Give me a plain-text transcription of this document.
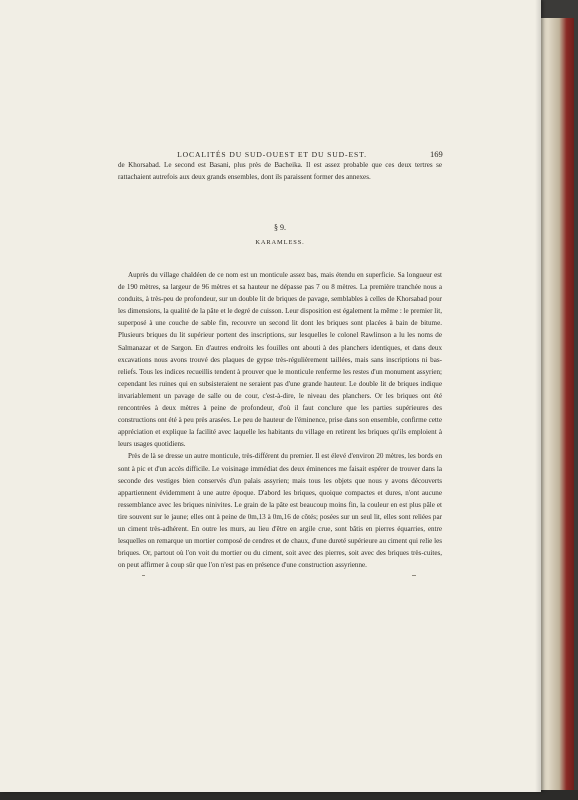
LOCALITÉS DU SUD-OUEST ET DU SUD-EST.	169

de Khorsabad. Le second est Basani, plus près de Bacheika. Il est assez probable que ces deux tertres se rattachaient autrefois aux deux grands ensembles, dont ils paraissent former des annexes.

§ 9.
KARAMLESS.

Auprès du village chaldéen de ce nom est un monticule assez bas, mais étendu en superficie. Sa longueur est de 190 mètres, sa largeur de 96 mètres et sa hauteur ne dépasse pas 7 ou 8 mètres. La première tranchée nous a conduits, à très-peu de profondeur, sur un double lit de briques de pavage, semblables à celles de Khorsabad pour les dimensions, la qualité de la pâte et le degré de cuisson. Leur disposition est également la même : le premier lit, superposé à une couche de sable fin, recouvre un second lit dont les briques sont placées à bain de bitume. Plusieurs briques du lit supérieur portent des inscriptions, sur lesquelles le colonel Rawlinson a lu les noms de Salmanazar et de Sargon. En d'autres endroits les fouilles ont abouti à des planchers identiques, et dans deux excavations nous avons trouvé des plaques de gypse très-régulièrement taillées, mais sans inscriptions ni bas-reliefs. Tous les indices recueillis tendent à prouver que le monticule renferme les restes d'un monument assyrien; cependant les ruines qui en subsisteraient ne seraient pas d'une grande hauteur. Le double lit de briques indique invariablement un pavage de salle ou de cour, c'est-à-dire, le niveau des planchers. Or les briques ont été rencontrées à deux mètres à peine de profondeur, d'où il faut conclure que les parties supérieures des constructions ont été à peu près arasées. Le peu de hauteur de l'éminence, prise dans son ensemble, confirme cette appréciation et explique la facilité avec laquelle les habitants du village en retirent les briques qu'ils emploient à leurs usages quotidiens.

Près de là se dresse un autre monticule, très-différent du premier. Il est élevé d'environ 20 mètres, les bords en sont à pic et d'un accès difficile. Le voisinage immédiat des deux éminences me faisait espérer de trouver dans la seconde des vestiges bien conservés d'un palais assyrien; mais tous les objets que nous y avons découverts appartiennent évidemment à une autre époque. D'abord les briques, quoique compactes et dures, n'ont aucune ressemblance avec les briques ninivites. Le grain de la pâte est beaucoup moins fin, la couleur en est plus pâle et tire souvent sur le jaune; elles ont à peine de 0m,13 à 0m,16 de côtés; posées sur un seul lit, elles sont reliées par un ciment très-adhérent. En outre les murs, au lieu d'être en argile crue, sont bâtis en pierres équarries, entre lesquelles on remarque un mortier composé de cendres et de chaux, d'une dureté supérieure au ciment qui relie les briques. Or, partout où l'on voit du mortier ou du ciment, soit avec des pierres, soit avec des briques très-cuites, on peut affirmer à coup sûr que l'on n'est pas en présence d'une construction assyrienne.
